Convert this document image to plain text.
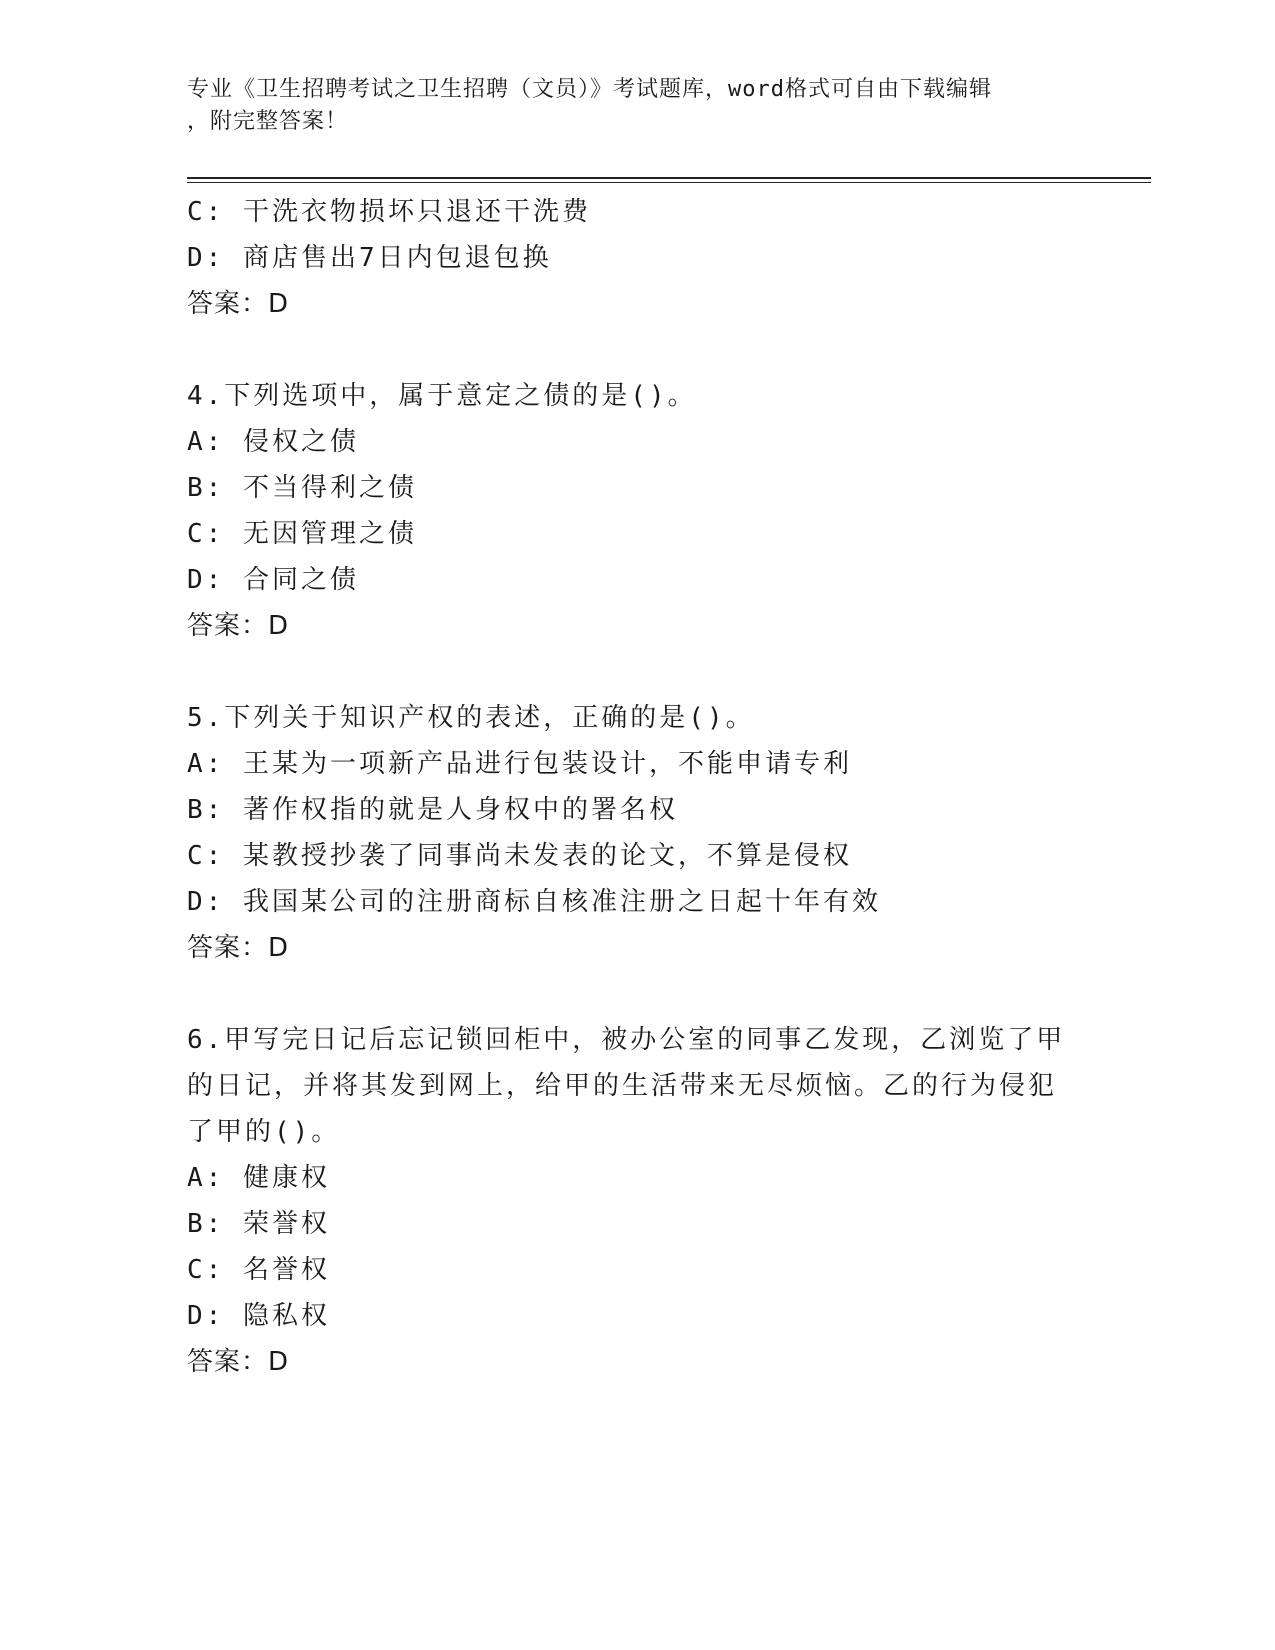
专业《卫生招聘考试之卫生招聘（文员）》考试题库，word格式可自由下载编辑
，附完整答案！
C: 干洗衣物损坏只退还干洗费
D: 商店售出7日内包退包换
答案：D
4.下列选项中，属于意定之债的是()。
A: 侵权之债
B: 不当得利之债
C: 无因管理之债
D: 合同之债
答案：D
5.下列关于知识产权的表述，正确的是()。
A: 王某为一项新产品进行包装设计，不能申请专利
B: 著作权指的就是人身权中的署名权
C: 某教授抄袭了同事尚未发表的论文，不算是侵权
D: 我国某公司的注册商标自核准注册之日起十年有效
答案：D
6.甲写完日记后忘记锁回柜中，被办公室的同事乙发现，乙浏览了甲
的日记，并将其发到网上，给甲的生活带来无尽烦恼。乙的行为侵犯
了甲的()。
A: 健康权
B: 荣誉权
C: 名誉权
D: 隐私权
答案：D
